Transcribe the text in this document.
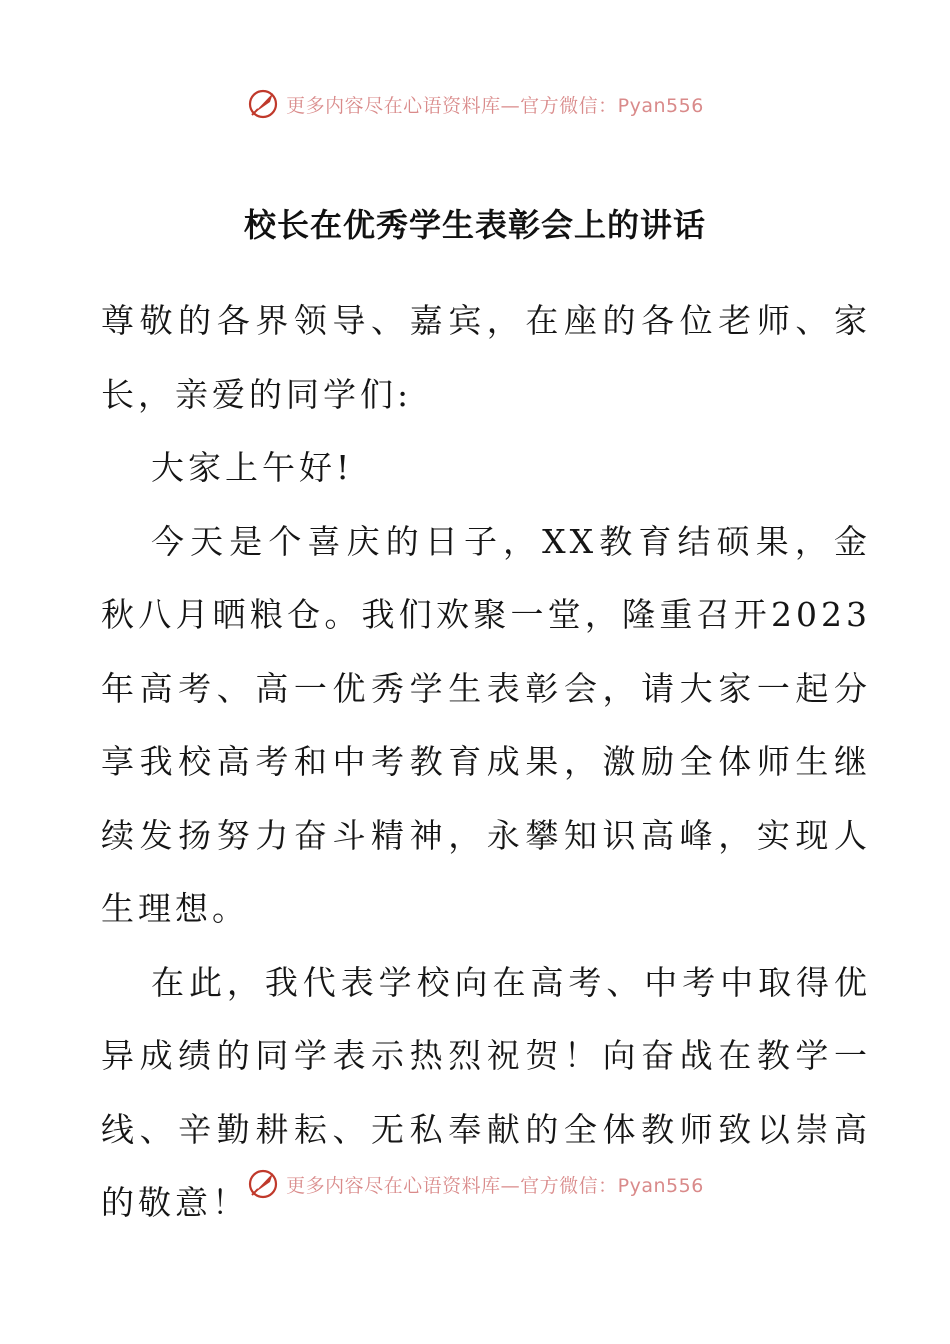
更多内容尽在心语资料库—官方微信：Pyan556
校长在优秀学生表彰会上的讲话

尊敬的各界领导、嘉宾，在座的各位老师、家长，亲爱的同学们:

大家上午好!

今天是个喜庆的日子，XX教育结硕果，金秋八月晒粮仓。我们欢聚一堂，隆重召开2023年高考、高一优秀学生表彰会，请大家一起分享我校高考和中考教育成果，激励全体师生继续发扬努力奋斗精神，永攀知识高峰，实现人生理想。

在此，我代表学校向在高考、中考中取得优异成绩的同学表示热烈祝贺！向奋战在教学一线、辛勤耕耘、无私奉献的全体教师致以崇高的敬意！	更多内容尽在心语资料库—官方微信：Pyan556
